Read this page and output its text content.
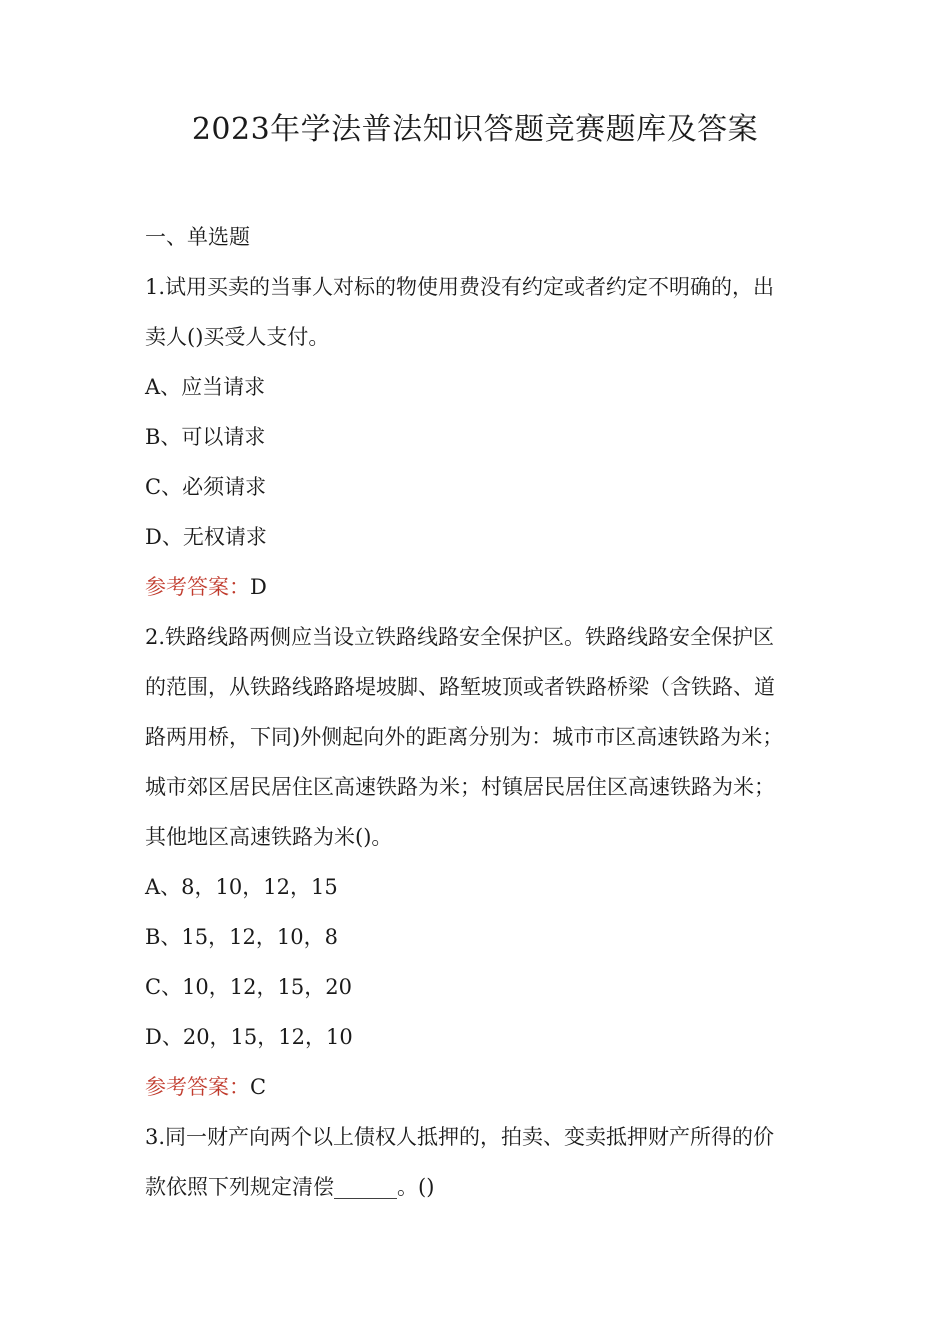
2023年学法普法知识答题竞赛题库及答案
一、单选题
1.试用买卖的当事人对标的物使用费没有约定或者约定不明确的，出
卖人()买受人支付。
A、应当请求
B、可以请求
C、必须请求
D、无权请求
参考答案：D
2.铁路线路两侧应当设立铁路线路安全保护区。铁路线路安全保护区
的范围，从铁路线路路堤坡脚、路堑坡顶或者铁路桥梁（含铁路、道
路两用桥，下同)外侧起向外的距离分别为：城市市区高速铁路为米；
城市郊区居民居住区高速铁路为米；村镇居民居住区高速铁路为米；
其他地区高速铁路为米()。
A、8，10，12，15
B、15，12，10，8
C、10，12，15，20
D、20，15，12，10
参考答案：C
3.同一财产向两个以上债权人抵押的，拍卖、变卖抵押财产所得的价
款依照下列规定清偿______。()
